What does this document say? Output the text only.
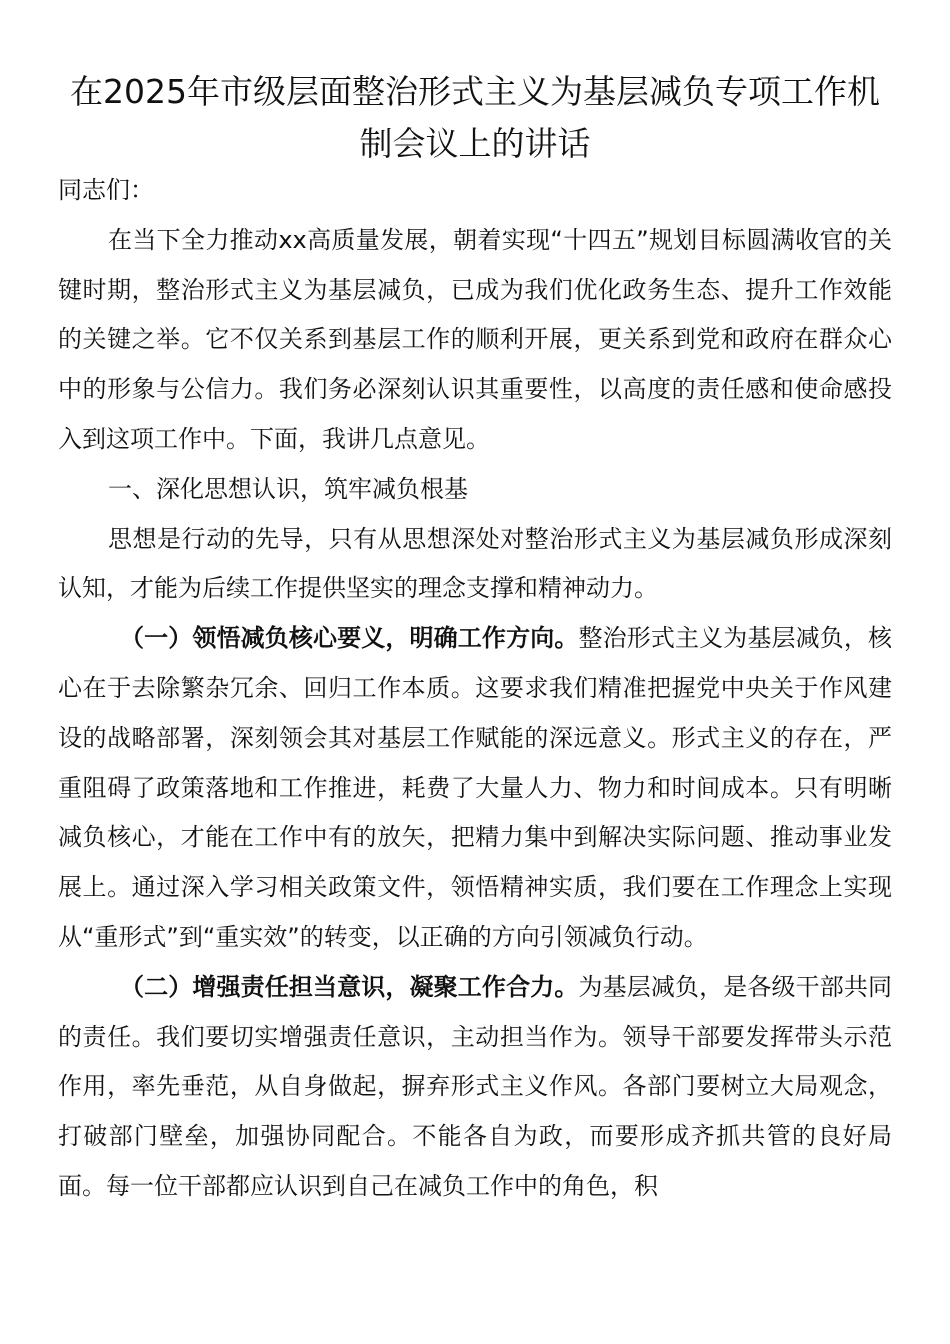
在2025年市级层面整治形式主义为基层减负专项工作机制会议上的讲话

同志们：

在当下全力推动xx高质量发展，朝着实现“十四五”规划目标圆满收官的关键时期，整治形式主义为基层减负，已成为我们优化政务生态、提升工作效能的关键之举。它不仅关系到基层工作的顺利开展，更关系到党和政府在群众心中的形象与公信力。我们务必深刻认识其重要性，以高度的责任感和使命感投入到这项工作中。下面，我讲几点意见。

一、深化思想认识，筑牢减负根基

思想是行动的先导，只有从思想深处对整治形式主义为基层减负形成深刻认知，才能为后续工作提供坚实的理念支撑和精神动力。

（一）领悟减负核心要义，明确工作方向。整治形式主义为基层减负，核心在于去除繁杂冗余、回归工作本质。这要求我们精准把握党中央关于作风建设的战略部署，深刻领会其对基层工作赋能的深远意义。形式主义的存在，严重阻碍了政策落地和工作推进，耗费了大量人力、物力和时间成本。只有明晰减负核心，才能在工作中有的放矢，把精力集中到解决实际问题、推动事业发展上。通过深入学习相关政策文件，领悟精神实质，我们要在工作理念上实现从“重形式”到“重实效”的转变，以正确的方向引领减负行动。

（二）增强责任担当意识，凝聚工作合力。为基层减负，是各级干部共同的责任。我们要切实增强责任意识，主动担当作为。领导干部要发挥带头示范作用，率先垂范，从自身做起，摒弃形式主义作风。各部门要树立大局观念，打破部门壁垒，加强协同配合。不能各自为政，而要形成齐抓共管的良好局面。每一位干部都应认识到自己在减负工作中的角色，积
